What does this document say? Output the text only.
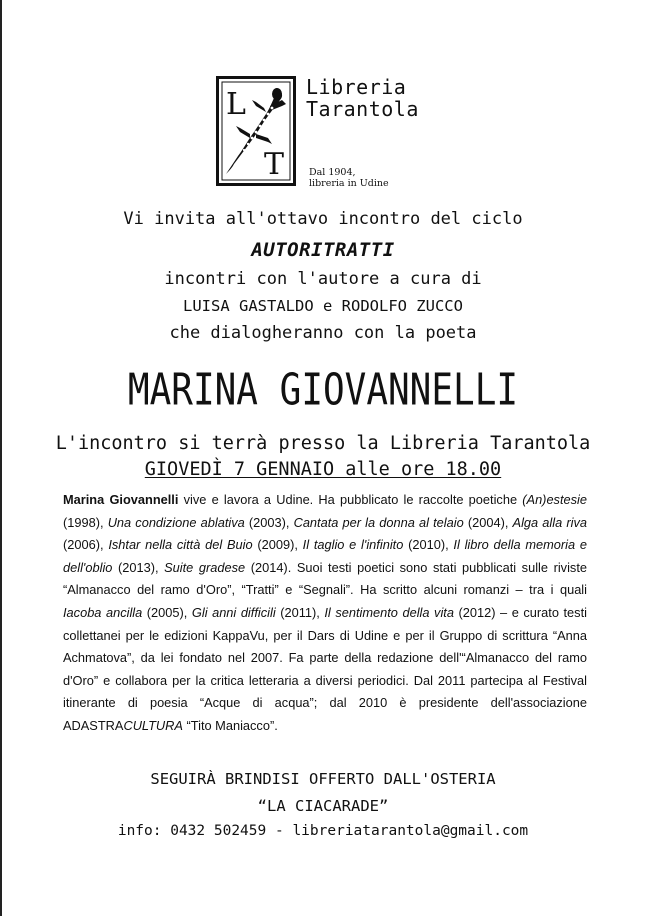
L
T
Libreria
Tarantola
Dal 1904,
libreria in Udine
Vi invita all'ottavo incontro del ciclo
AUTORITRATTI
incontri con l'autore a cura di
LUISA GASTALDO e RODOLFO ZUCCO
che dialogheranno con la poeta
MARINA GIOVANNELLI
L'incontro si terrà presso la Libreria Tarantola
GIOVEDÌ 7 GENNAIO alle ore 18.00

Marina Giovannelli vive e lavora a Udine. Ha pubblicato le raccolte poetiche (An)estesie (1998), Una condizione ablativa (2003), Cantata per la donna al telaio (2004), Alga alla riva (2006), Ishtar nella città del Buio (2009), Il taglio e l'infinito (2010), Il libro della memoria e dell'oblio (2013), Suite gradese (2014). Suoi testi poetici sono stati pubblicati sulle riviste “Almanacco del ramo d'Oro”, “Tratti” e “Segnali”. Ha scritto alcuni romanzi – tra i quali Iacoba ancilla (2005), Gli anni difficili (2011), Il sentimento della vita (2012) – e curato testi collettanei per le edizioni KappaVu, per il Dars di Udine e per il Gruppo di scrittura “Anna Achmatova”, da lei fondato nel 2007. Fa parte della redazione dell'“Almanacco del ramo d'Oro” e collabora per la critica letteraria a diversi periodici. Dal 2011 partecipa al Festival itinerante di poesia “Acque di acqua”; dal 2010 è presidente dell'associazione ADASTRACULTURA “Tito Maniacco”.

SEGUIRÀ BRINDISI OFFERTO DALL'OSTERIA
“LA CIACARADE”
info: 0432 502459 - libreriatarantola@gmail.com
